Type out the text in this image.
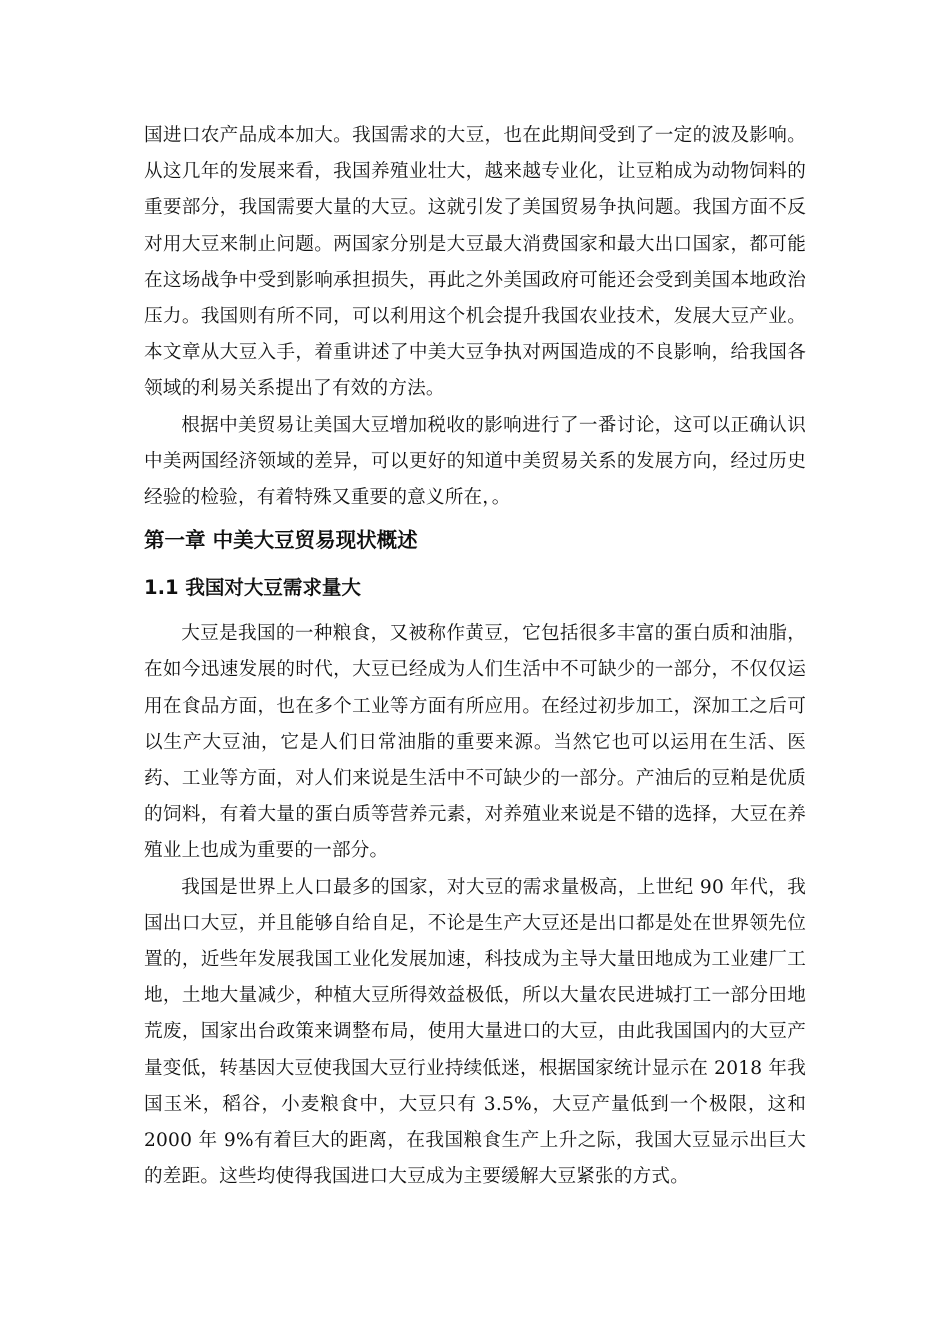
国进口农产品成本加大。我国需求的大豆，也在此期间受到了一定的波及影响。从这几年的发展来看，我国养殖业壮大，越来越专业化，让豆粕成为动物饲料的重要部分，我国需要大量的大豆。这就引发了美国贸易争执问题。我国方面不反对用大豆来制止问题。两国家分别是大豆最大消费国家和最大出口国家，都可能在这场战争中受到影响承担损失，再此之外美国政府可能还会受到美国本地政治压力。我国则有所不同，可以利用这个机会提升我国农业技术，发展大豆产业。本文章从大豆入手，着重讲述了中美大豆争执对两国造成的不良影响，给我国各领域的利易关系提出了有效的方法。

根据中美贸易让美国大豆增加税收的影响进行了一番讨论，这可以正确认识中美两国经济领域的差异，可以更好的知道中美贸易关系的发展方向，经过历史经验的检验，有着特殊又重要的意义所在，。

第一章 中美大豆贸易现状概述
1.1 我国对大豆需求量大

大豆是我国的一种粮食，又被称作黄豆，它包括很多丰富的蛋白质和油脂，在如今迅速发展的时代，大豆已经成为人们生活中不可缺少的一部分，不仅仅运用在食品方面，也在多个工业等方面有所应用。在经过初步加工，深加工之后可以生产大豆油，它是人们日常油脂的重要来源。当然它也可以运用在生活、医药、工业等方面，对人们来说是生活中不可缺少的一部分。产油后的豆粕是优质的饲料，有着大量的蛋白质等营养元素，对养殖业来说是不错的选择，大豆在养殖业上也成为重要的一部分。

我国是世界上人口最多的国家，对大豆的需求量极高，上世纪 90 年代，我国出口大豆，并且能够自给自足，不论是生产大豆还是出口都是处在世界领先位置的，近些年发展我国工业化发展加速，科技成为主导大量田地成为工业建厂工地，土地大量减少，种植大豆所得效益极低，所以大量农民进城打工一部分田地荒废，国家出台政策来调整布局，使用大量进口的大豆，由此我国国内的大豆产量变低，转基因大豆使我国大豆行业持续低迷，根据国家统计显示在 2018 年我国玉米，稻谷，小麦粮食中，大豆只有 3.5%，大豆产量低到一个极限，这和 2000 年 9%有着巨大的距离，在我国粮食生产上升之际，我国大豆显示出巨大的差距。这些均使得我国进口大豆成为主要缓解大豆紧张的方式。
